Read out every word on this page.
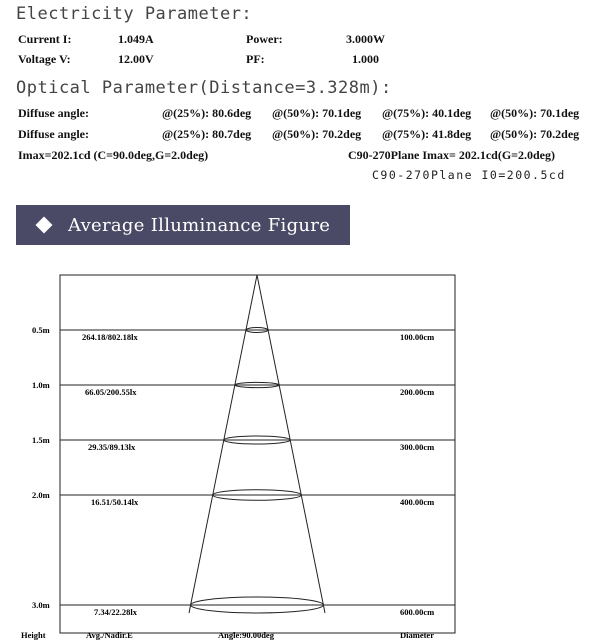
Electricity Parameter:
Current I:	1.049A	Power:	3.000W
Voltage V:	12.00V	PF:	1.000
Optical Parameter(Distance=3.328m):
Diffuse angle:	@(25%): 80.6deg @(50%): 70.1deg @(75%): 40.1deg @(50%): 70.1deg
Diffuse angle:	@(25%): 80.7deg @(50%): 70.2deg @(75%): 41.8deg @(50%): 70.2deg
Imax=202.1cd (C=90.0deg,G=2.0deg)	C90-270Plane Imax= 202.1cd(G=2.0deg)
C90-270Plane I0=200.5cd
Average Illuminance Figure
0.5m
264.18/802.18lx	100.00cm
1.0m
66.05/200.55lx	200.00cm
1.5m
29.35/89.13lx	300.00cm
2.0m
16.51/50.14lx	400.00cm
3.0m
7.34/22.28lx	600.00cm
Height	Avg./Nadir.E	Angle:90.00deg	Diameter
